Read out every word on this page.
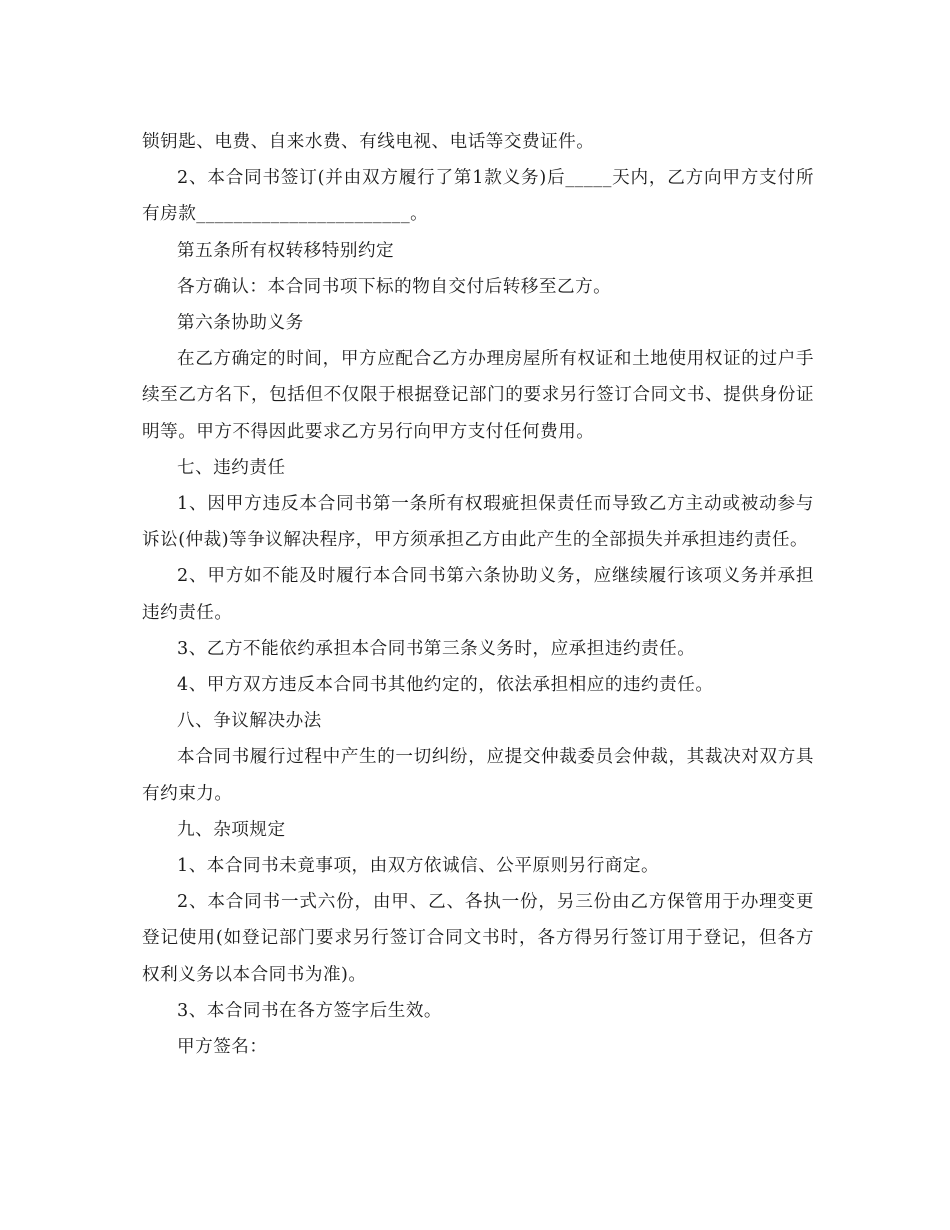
锁钥匙、电费、自来水费、有线电视、电话等交费证件。

2、本合同书签订(并由双方履行了第1款义务)后_____天内，乙方向甲方支付所有房款_______________________。

第五条所有权转移特别约定

各方确认：本合同书项下标的物自交付后转移至乙方。

第六条协助义务

在乙方确定的时间，甲方应配合乙方办理房屋所有权证和土地使用权证的过户手续至乙方名下，包括但不仅限于根据登记部门的要求另行签订合同文书、提供身份证明等。甲方不得因此要求乙方另行向甲方支付任何费用。

七、违约责任

1、因甲方违反本合同书第一条所有权瑕疵担保责任而导致乙方主动或被动参与诉讼(仲裁)等争议解决程序，甲方须承担乙方由此产生的全部损失并承担违约责任。

2、甲方如不能及时履行本合同书第六条协助义务，应继续履行该项义务并承担违约责任。

3、乙方不能依约承担本合同书第三条义务时，应承担违约责任。

4、甲方双方违反本合同书其他约定的，依法承担相应的违约责任。

八、争议解决办法

本合同书履行过程中产生的一切纠纷，应提交仲裁委员会仲裁，其裁决对双方具有约束力。

九、杂项规定

1、本合同书未竟事项，由双方依诚信、公平原则另行商定。

2、本合同书一式六份，由甲、乙、各执一份，另三份由乙方保管用于办理变更登记使用(如登记部门要求另行签订合同文书时，各方得另行签订用于登记，但各方权利义务以本合同书为准)。

3、本合同书在各方签字后生效。

甲方签名：
